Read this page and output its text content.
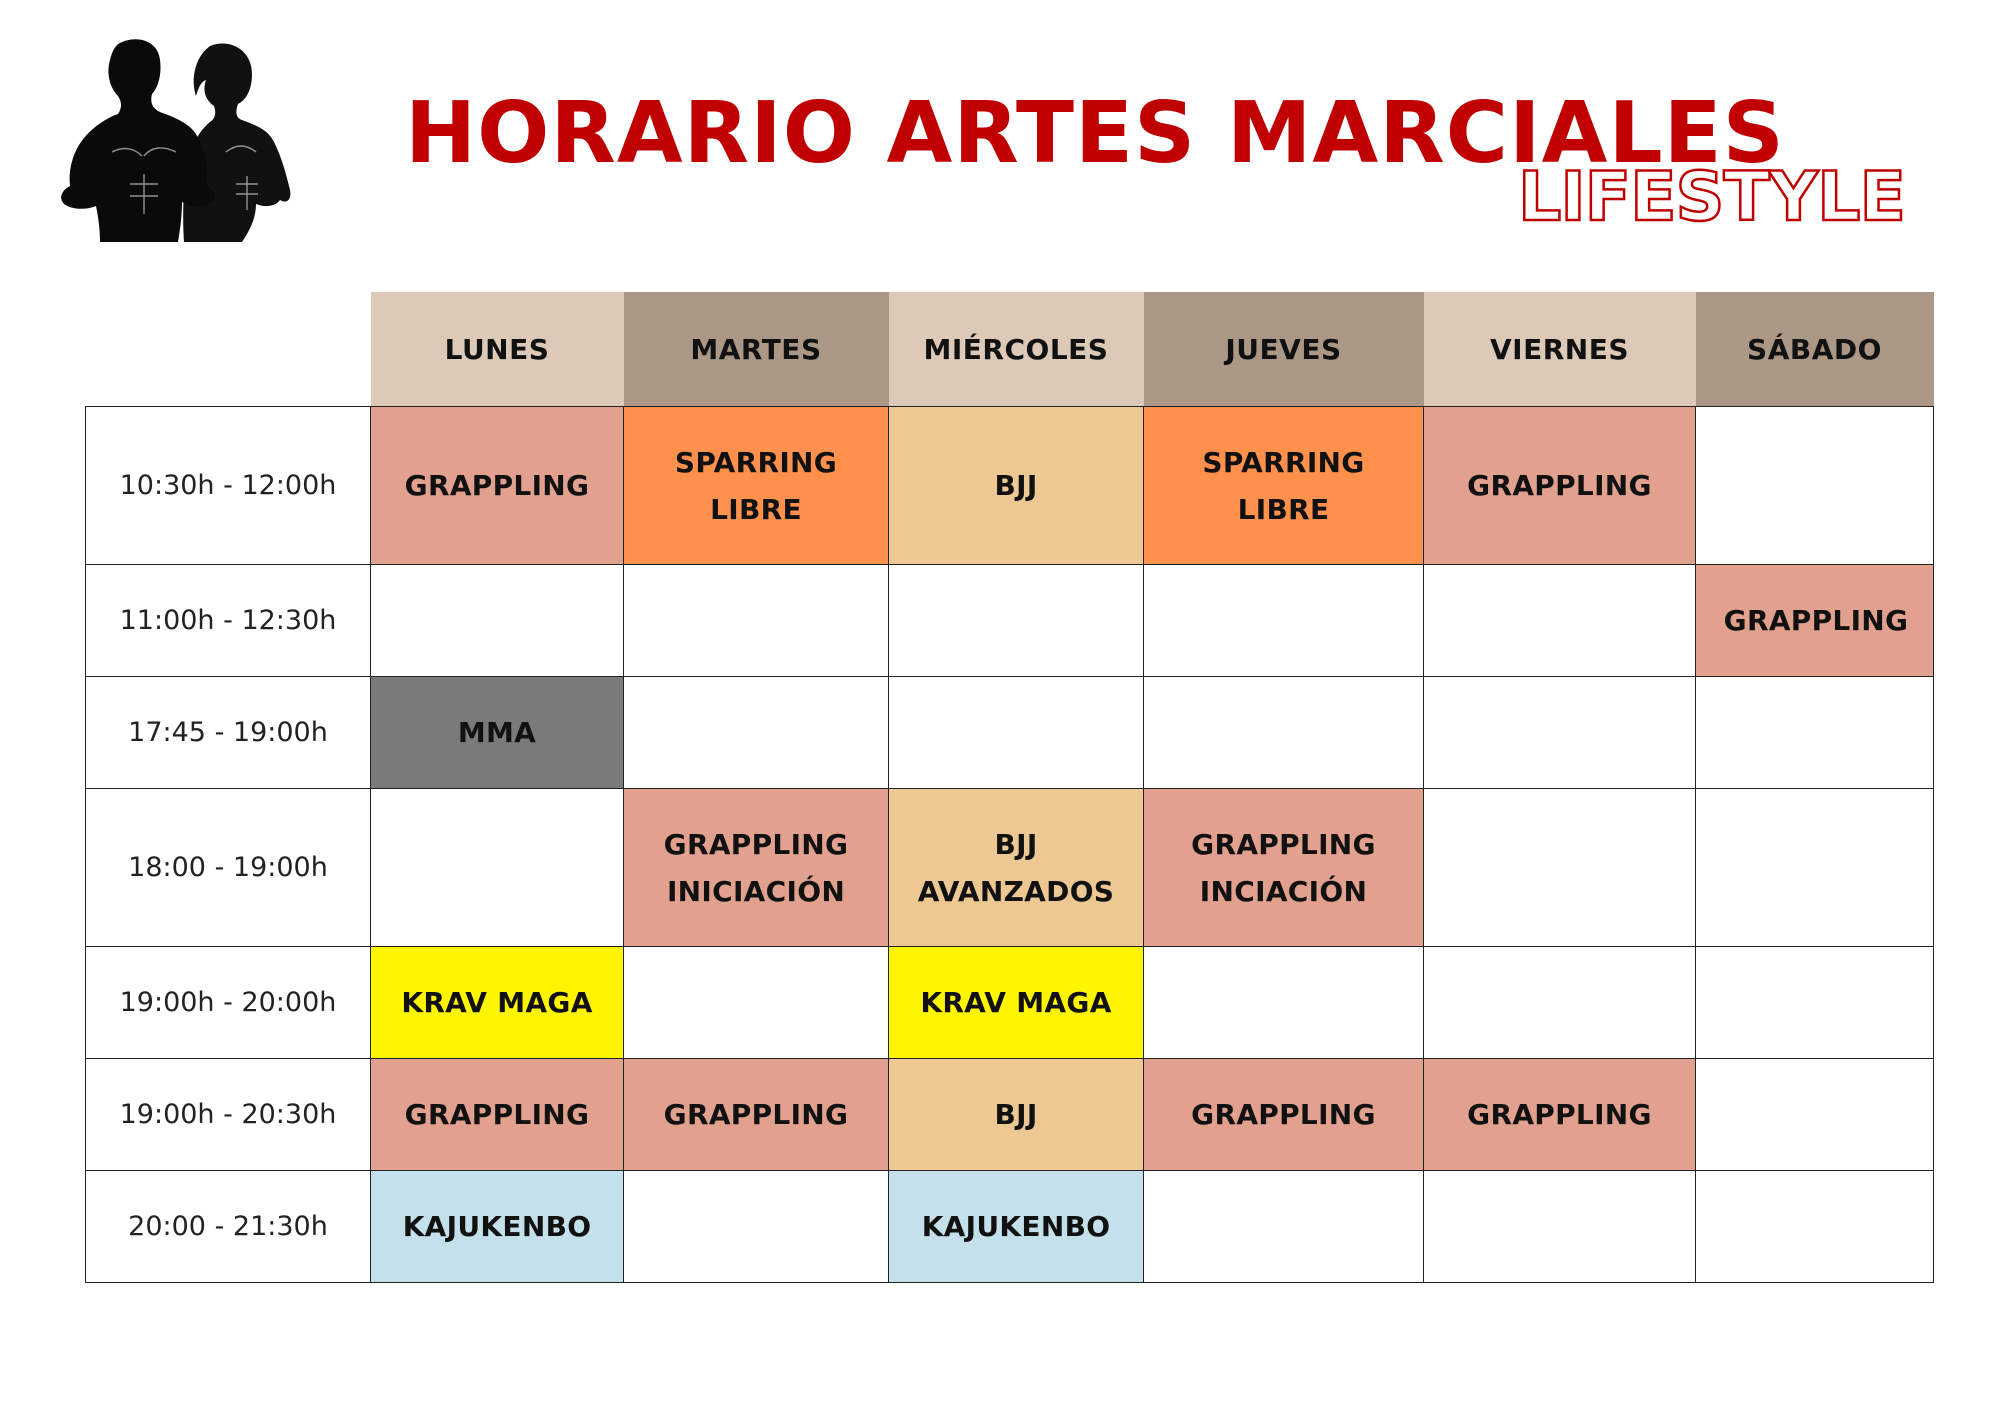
HORARIO ARTES MARCIALES
LIFESTYLE
	LUNES	MARTES	MIÉRCOLES	JUEVES	VIERNES	SÁBADO
10:30h - 12:00h	GRAPPLING	SPARRING LIBRE	BJJ	SPARRING LIBRE	GRAPPLING	
11:00h - 12:30h						GRAPPLING
17:45 - 19:00h	MMA					
18:00 - 19:00h		GRAPPLING INICIACIÓN	BJJ AVANZADOS	GRAPPLING INCIACIÓN		
19:00h - 20:00h	KRAV MAGA		KRAV MAGA			
19:00h - 20:30h	GRAPPLING	GRAPPLING	BJJ	GRAPPLING	GRAPPLING	
20:00 - 21:30h	KAJUKENBO		KAJUKENBO			
